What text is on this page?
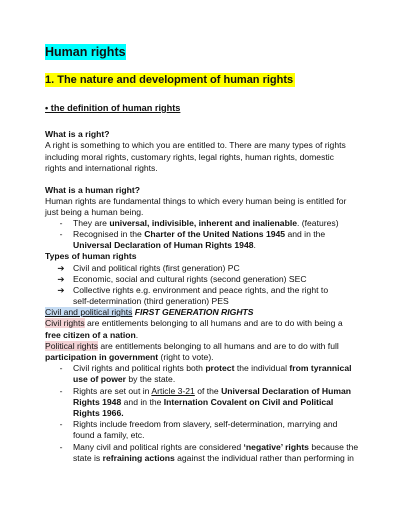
Human rights
1. The nature and development of human rights
• the definition of human rights
What is a right?
A right is something to which you are entitled to. There are many types of rights
including moral rights, customary rights, legal rights, human rights, domestic
rights and international rights.
What is a human right?
Human rights are fundamental things to which every human being is entitled for
just being a human being.
-	They are universal, indivisible, inherent and inalienable. (features)
-	Recognised in the Charter of the United Nations 1945 and in the
Universal Declaration of Human Rights 1948.
Types of human rights
➔ Civil and political rights (first generation) PC
➔ Economic, social and cultural rights (second generation) SEC
➔ Collective rights e.g. environment and peace rights, and the right to
self-determination (third generation) PES
Civil and political rights FIRST GENERATION RIGHTS
Civil rights are entitlements belonging to all humans and are to do with being a
free citizen of a nation.
Political rights are entitlements belonging to all humans and are to do with full
participation in government (right to vote).
-	Civil rights and political rights both protect the individual from tyrannical
use of power by the state.
-	Rights are set out in Article 3-21 of the Universal Declaration of Human
Rights 1948 and in the Internation Covalent on Civil and Political
Rights 1966.
-	Rights include freedom from slavery, self-determination, marrying and
found a family, etc.
-	Many civil and political rights are considered ‘negative’ rights because the
state is refraining actions against the individual rather than performing in
